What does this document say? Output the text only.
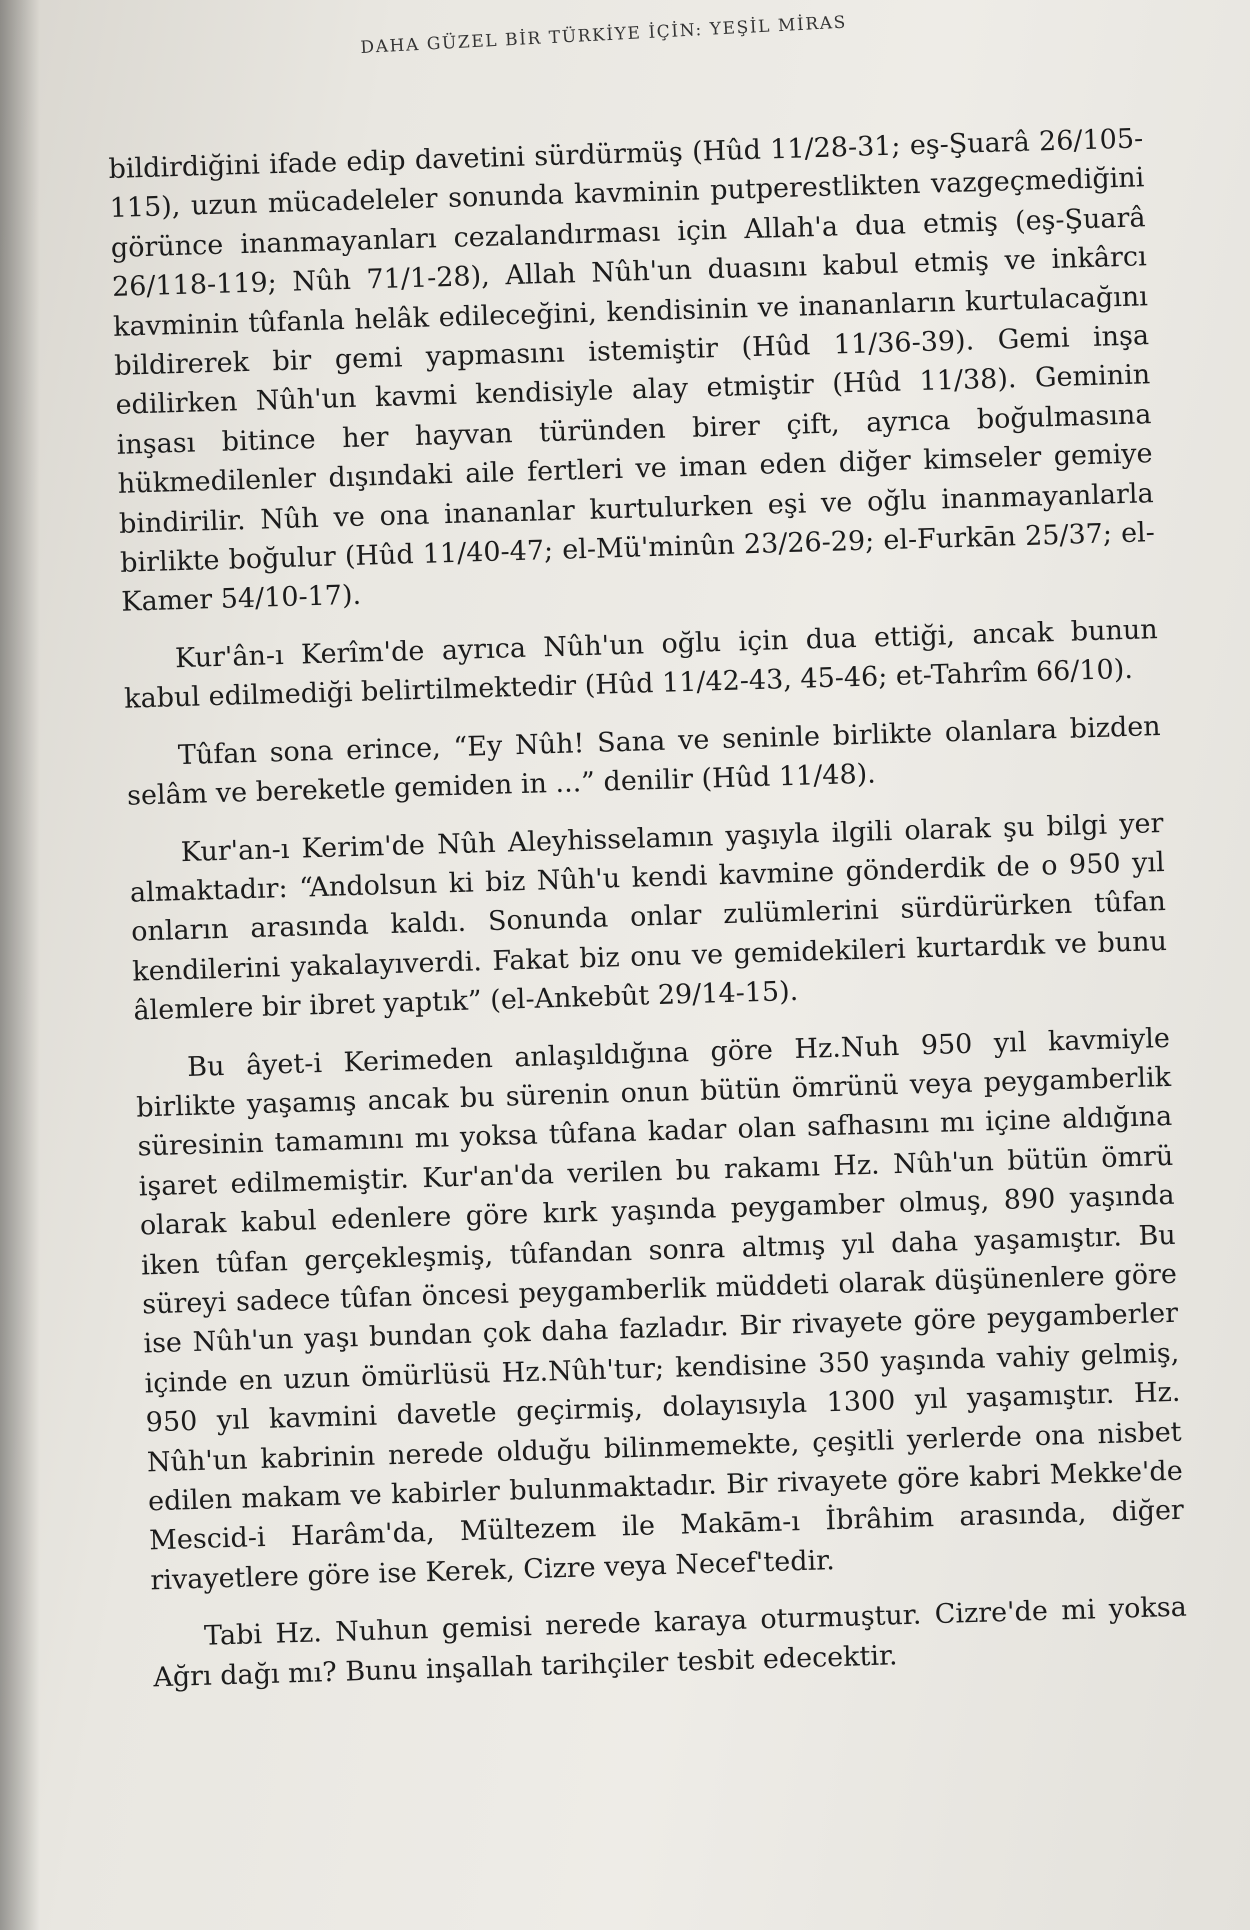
DAHA GÜZEL BİR TÜRKİYE İÇİN: YEŞİL MİRAS

bildirdiğini ifade edip davetini sürdürmüş (Hûd 11/28-31; eş-Şuarâ 26/105-115), uzun mücadeleler sonunda kavminin putperestlikten vazgeçmediğini görünce inanmayanları cezalandırması için Allah'a dua etmiş (eş-Şuarâ 26/118-119; Nûh 71/1-28), Allah Nûh'un duasını kabul etmiş ve inkârcı kavminin tûfanla helâk edileceğini, kendisinin ve inananların kurtulacağını bildirerek bir gemi yapmasını istemiştir (Hûd 11/36-39). Gemi inşa edilirken Nûh'un kavmi kendisiyle alay etmiştir (Hûd 11/38). Geminin inşası bitince her hayvan türünden birer çift, ayrıca boğulmasına hükmedilenler dışındaki aile fertleri ve iman eden diğer kimseler gemiye bindirilir. Nûh ve ona inananlar kurtulurken eşi ve oğlu inanmayanlarla birlikte boğulur (Hûd 11/40-47; el-Mü'minûn 23/26-29; el-Furkān 25/37; el-Kamer 54/10-17).

Kur'ân-ı Kerîm'de ayrıca Nûh'un oğlu için dua ettiği, ancak bunun kabul edilmediği belirtilmektedir (Hûd 11/42-43, 45-46; et-Tahrîm 66/10).

Tûfan sona erince, “Ey Nûh! Sana ve seninle birlikte olanlara bizden selâm ve bereketle gemiden in ...” denilir (Hûd 11/48).

Kur'an-ı Kerim'de Nûh Aleyhisselamın yaşıyla ilgili olarak şu bilgi yer almaktadır: “Andolsun ki biz Nûh'u kendi kavmine gönderdik de o 950 yıl onların arasında kaldı. Sonunda onlar zulümlerini sürdürürken tûfan kendilerini yakalayıverdi. Fakat biz onu ve gemidekileri kurtardık ve bunu âlemlere bir ibret yaptık” (el-Ankebût 29/14-15).

Bu âyet-i Kerimeden anlaşıldığına göre Hz.Nuh 950 yıl kavmiyle birlikte yaşamış ancak bu sürenin onun bütün ömrünü veya peygamberlik süresinin tamamını mı yoksa tûfana kadar olan safhasını mı içine aldığına işaret edilmemiştir. Kur'an'da verilen bu rakamı Hz. Nûh'un bütün ömrü olarak kabul edenlere göre kırk yaşında peygamber olmuş, 890 yaşında iken tûfan gerçekleşmiş, tûfandan sonra altmış yıl daha yaşamıştır. Bu süreyi sadece tûfan öncesi peygamberlik müddeti olarak düşünenlere göre ise Nûh'un yaşı bundan çok daha fazladır. Bir rivayete göre peygamberler içinde en uzun ömürlüsü Hz.Nûh'tur; kendisine 350 yaşında vahiy gelmiş, 950 yıl kavmini davetle geçirmiş, dolayısıyla 1300 yıl yaşamıştır. Hz. Nûh'un kabrinin nerede olduğu bilinmemekte, çeşitli yerlerde ona nisbet edilen makam ve kabirler bulunmaktadır. Bir rivayete göre kabri Mekke'de Mescid-i Harâm'da, Mültezem ile Makām-ı İbrâhim arasında, diğer rivayetlere göre ise Kerek, Cizre veya Necef'tedir.

Tabi Hz. Nuhun gemisi nerede karaya oturmuştur. Cizre'de mi yoksa Ağrı dağı mı? Bunu inşallah tarihçiler tesbit edecektir.
